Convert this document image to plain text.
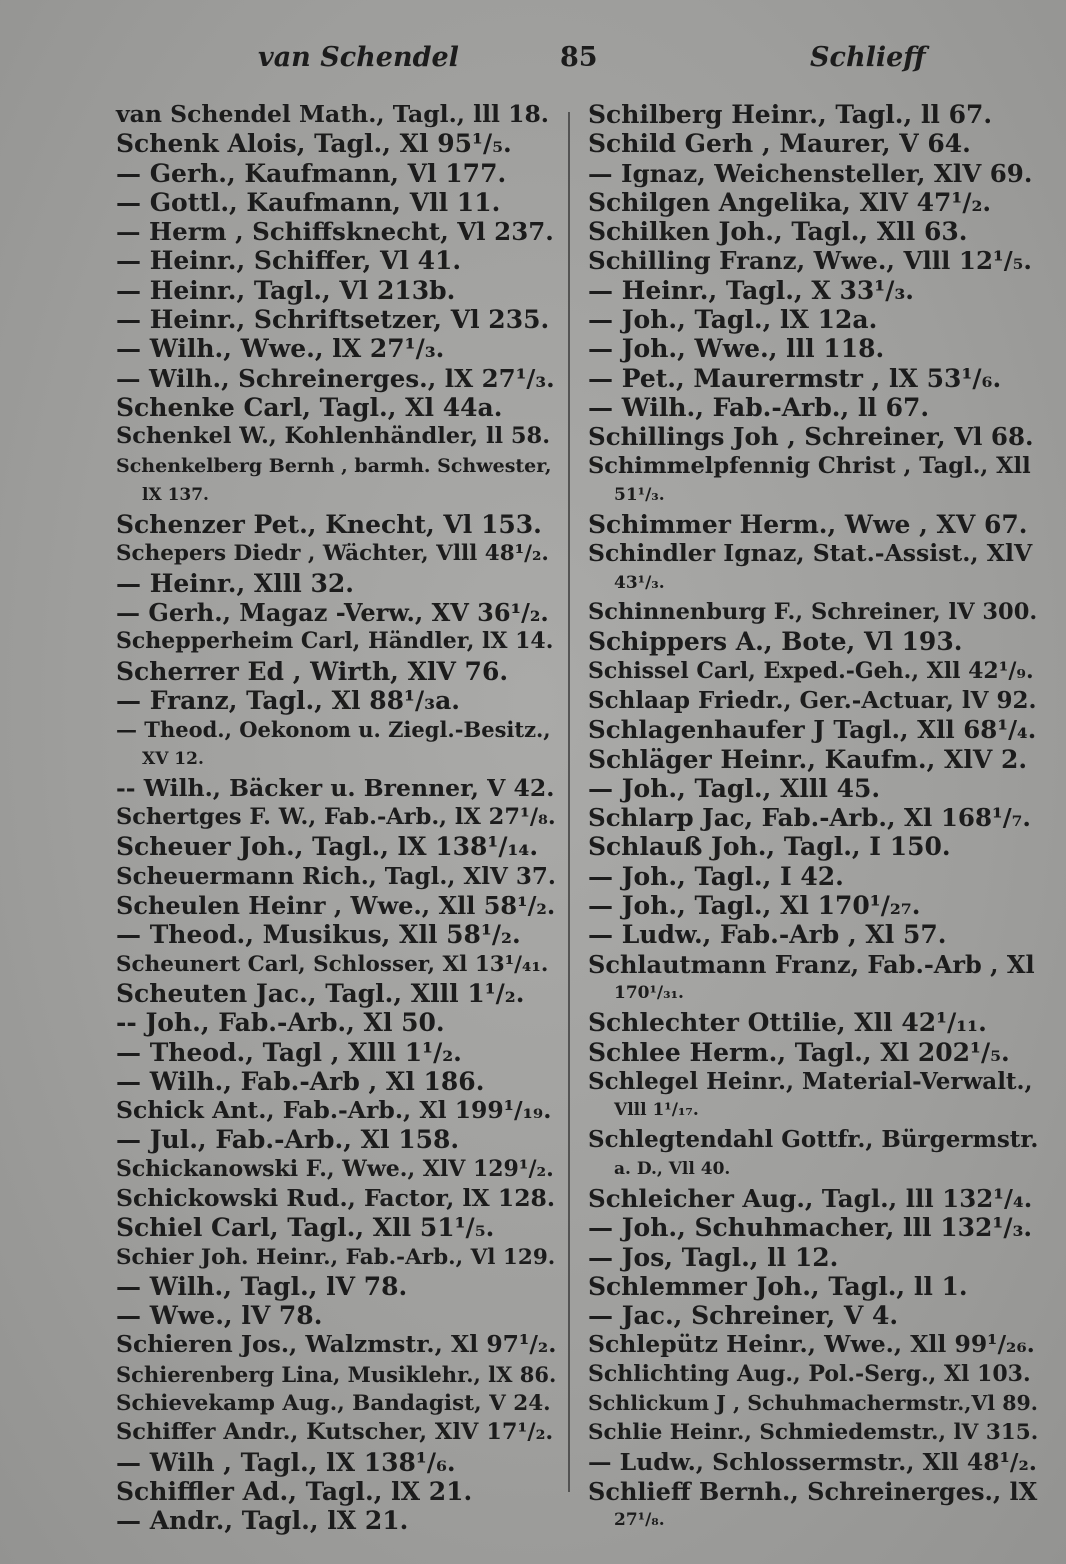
van Schendel	85	Schlieff
van Schendel Math., Tagl., lll 18.
Schenk Alois, Tagl., Xl 95¹/₅.
— Gerh., Kaufmann, Vl 177.
— Gottl., Kaufmann, Vll 11.
— Herm , Schiffsknecht, Vl 237.
— Heinr., Schiffer, Vl 41.
— Heinr., Tagl., Vl 213b.
— Heinr., Schriftsetzer, Vl 235.
— Wilh., Wwe., lX 27¹/₃.
— Wilh., Schreinerges., lX 27¹/₃.
Schenke Carl, Tagl., Xl 44a.
Schenkel W., Kohlenhändler, ll 58.
Schenkelberg Bernh , barmh. Schwester,
lX 137.
Schenzer Pet., Knecht, Vl 153.
Schepers Diedr , Wächter, Vlll 48¹/₂.
— Heinr., Xlll 32.
— Gerh., Magaz -Verw., XV 36¹/₂.
Schepperheim Carl, Händler, lX 14.
Scherrer Ed , Wirth, XlV 76.
— Franz, Tagl., Xl 88¹/₃a.
— Theod., Oekonom u. Ziegl.-Besitz.,
XV 12.
-- Wilh., Bäcker u. Brenner, V 42.
Schertges F. W., Fab.-Arb., lX 27¹/₈.
Scheuer Joh., Tagl., lX 138¹/₁₄.
Scheuermann Rich., Tagl., XlV 37.
Scheulen Heinr , Wwe., Xll 58¹/₂.
— Theod., Musikus, Xll 58¹/₂.
Scheunert Carl, Schlosser, Xl 13¹/₄₁.
Scheuten Jac., Tagl., Xlll 1¹/₂.
-- Joh., Fab.-Arb., Xl 50.
— Theod., Tagl , Xlll 1¹/₂.
— Wilh., Fab.-Arb , Xl 186.
Schick Ant., Fab.-Arb., Xl 199¹/₁₉.
— Jul., Fab.-Arb., Xl 158.
Schickanowski F., Wwe., XlV 129¹/₂.
Schickowski Rud., Factor, lX 128.
Schiel Carl, Tagl., Xll 51¹/₅.
Schier Joh. Heinr., Fab.-Arb., Vl 129.
— Wilh., Tagl., lV 78.
— Wwe., lV 78.
Schieren Jos., Walzmstr., Xl 97¹/₂.
Schierenberg Lina, Musiklehr., lX 86.
Schievekamp Aug., Bandagist, V 24.
Schiffer Andr., Kutscher, XlV 17¹/₂.
— Wilh , Tagl., lX 138¹/₆.
Schiffler Ad., Tagl., lX 21.
— Andr., Tagl., lX 21.
Schilberg Heinr., Tagl., ll 67.
Schild Gerh , Maurer, V 64.
— Ignaz, Weichensteller, XlV 69.
Schilgen Angelika, XlV 47¹/₂.
Schilken Joh., Tagl., Xll 63.
Schilling Franz, Wwe., Vlll 12¹/₅.
— Heinr., Tagl., X 33¹/₃.
— Joh., Tagl., lX 12a.
— Joh., Wwe., lll 118.
— Pet., Maurermstr , lX 53¹/₆.
— Wilh., Fab.-Arb., ll 67.
Schillings Joh , Schreiner, Vl 68.
Schimmelpfennig Christ , Tagl., Xll
51¹/₃.
Schimmer Herm., Wwe , XV 67.
Schindler Ignaz, Stat.-Assist., XlV
43¹/₃.
Schinnenburg F., Schreiner, lV 300.
Schippers A., Bote, Vl 193.
Schissel Carl, Exped.-Geh., Xll 42¹/₉.
Schlaap Friedr., Ger.-Actuar, lV 92.
Schlagenhaufer J Tagl., Xll 68¹/₄.
Schläger Heinr., Kaufm., XlV 2.
— Joh., Tagl., Xlll 45.
Schlarp Jac, Fab.-Arb., Xl 168¹/₇.
Schlauß Joh., Tagl., I 150.
— Joh., Tagl., I 42.
— Joh., Tagl., Xl 170¹/₂₇.
— Ludw., Fab.-Arb , Xl 57.
Schlautmann Franz, Fab.-Arb , Xl
170¹/₃₁.
Schlechter Ottilie, Xll 42¹/₁₁.
Schlee Herm., Tagl., Xl 202¹/₅.
Schlegel Heinr., Material-Verwalt.,
Vlll 1¹/₁₇.
Schlegtendahl Gottfr., Bürgermstr.
a. D., Vll 40.
Schleicher Aug., Tagl., lll 132¹/₄.
— Joh., Schuhmacher, lll 132¹/₃.
— Jos, Tagl., ll 12.
Schlemmer Joh., Tagl., ll 1.
— Jac., Schreiner, V 4.
Schlepütz Heinr., Wwe., Xll 99¹/₂₆.
Schlichting Aug., Pol.-Serg., Xl 103.
Schlickum J , Schuhmachermstr.,Vl 89.
Schlie Heinr., Schmiedemstr., lV 315.
— Ludw., Schlossermstr., Xll 48¹/₂.
Schlieff Bernh., Schreinerges., lX
27¹/₈.
